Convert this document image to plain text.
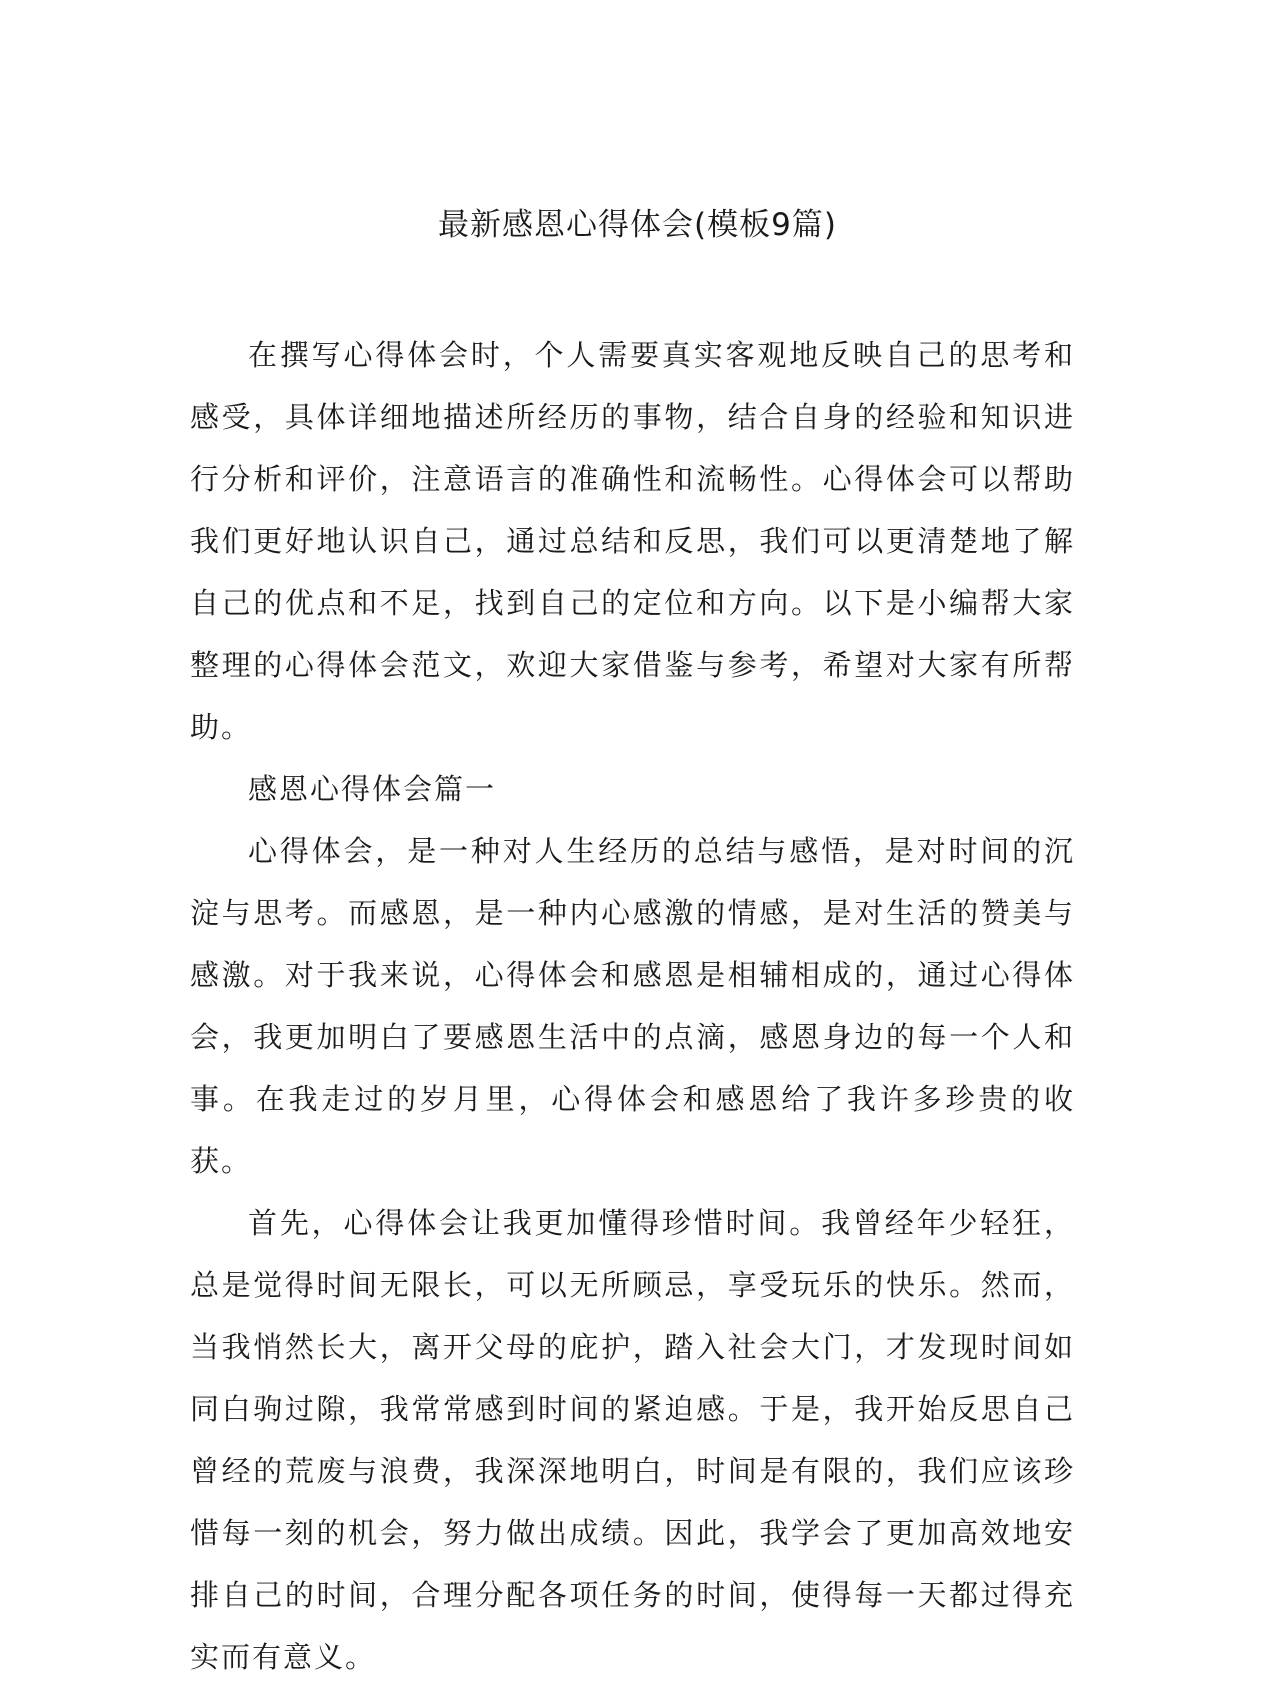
最新感恩心得体会(模板9篇)

在撰写心得体会时，个人需要真实客观地反映自己的思考和感受，具体详细地描述所经历的事物，结合自身的经验和知识进行分析和评价，注意语言的准确性和流畅性。心得体会可以帮助我们更好地认识自己，通过总结和反思，我们可以更清楚地了解自己的优点和不足，找到自己的定位和方向。以下是小编帮大家整理的心得体会范文，欢迎大家借鉴与参考，希望对大家有所帮助。

感恩心得体会篇一

心得体会，是一种对人生经历的总结与感悟，是对时间的沉淀与思考。而感恩，是一种内心感激的情感，是对生活的赞美与感激。对于我来说，心得体会和感恩是相辅相成的，通过心得体会，我更加明白了要感恩生活中的点滴，感恩身边的每一个人和事。在我走过的岁月里，心得体会和感恩给了我许多珍贵的收获。

首先，心得体会让我更加懂得珍惜时间。我曾经年少轻狂，总是觉得时间无限长，可以无所顾忌，享受玩乐的快乐。然而，当我悄然长大，离开父母的庇护，踏入社会大门，才发现时间如同白驹过隙，我常常感到时间的紧迫感。于是，我开始反思自己曾经的荒废与浪费，我深深地明白，时间是有限的，我们应该珍惜每一刻的机会，努力做出成绩。因此，我学会了更加高效地安排自己的时间，合理分配各项任务的时间，使得每一天都过得充实而有意义。
